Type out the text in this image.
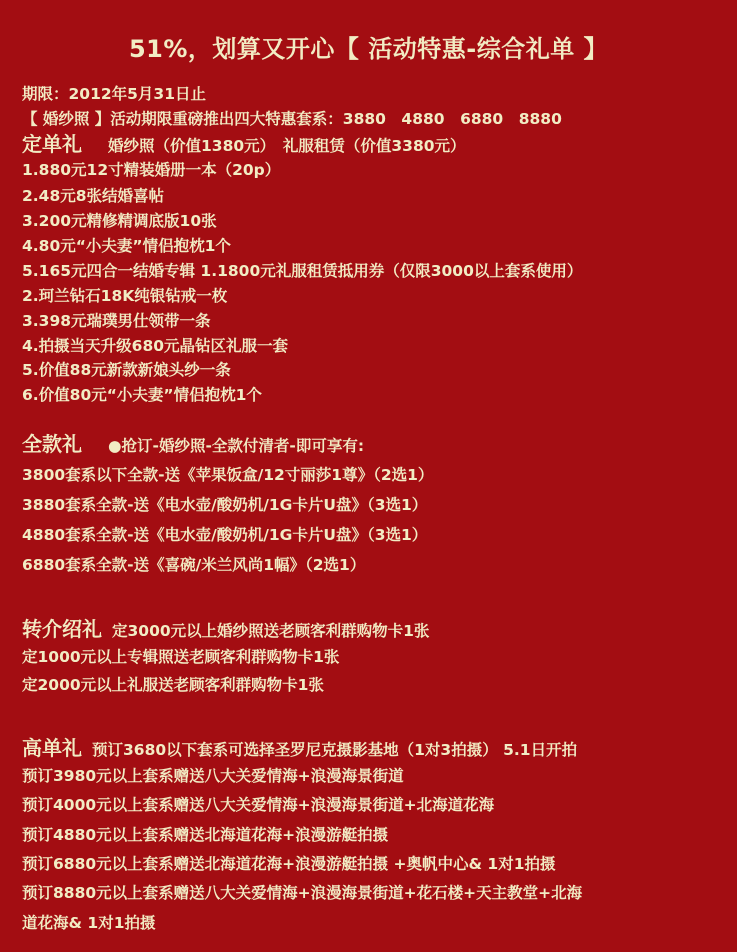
51%，划算又开心【 活动特惠-综合礼单 】
期限：2012年5月31日止
【 婚纱照 】活动期限重磅推出四大特惠套系：3880　4880　6880　8880
定单礼 婚纱照（价值1380元）　礼服租赁（价值3380元）
1.880元12寸精装婚册一本（20p）
2.48元8张结婚喜帖
3.200元精修精调底版10张
4.80元“小夫妻”情侣抱枕1个
5.165元四合一结婚专辑 1.1800元礼服租赁抵用券（仅限3000以上套系使用）
2.珂兰钻石18K纯银钻戒一枚
3.398元瑞璞男仕领带一条
4.拍摄当天升级680元晶钻区礼服一套
5.价值88元新款新娘头纱一条
6.价值80元“小夫妻”情侣抱枕1个
全款礼 ●抢订-婚纱照-全款付清者-即可享有:
3800套系以下全款-送《苹果饭盒/12寸丽莎1尊》（2选1）
3880套系全款-送《电水壶/酸奶机/1G卡片U盘》（3选1）
4880套系全款-送《电水壶/酸奶机/1G卡片U盘》（3选1）
6880套系全款-送《喜碗/米兰风尚1幅》（2选1）
转介绍礼 定3000元以上婚纱照送老顾客利群购物卡1张
定1000元以上专辑照送老顾客利群购物卡1张
定2000元以上礼服送老顾客利群购物卡1张
高单礼 预订3680以下套系可选择圣罗尼克摄影基地（1对3拍摄） 5.1日开拍
预订3980元以上套系赠送八大关爱情海+浪漫海景街道
预订4000元以上套系赠送八大关爱情海+浪漫海景街道+北海道花海
预订4880元以上套系赠送北海道花海+浪漫游艇拍摄
预订6880元以上套系赠送北海道花海+浪漫游艇拍摄 +奥帆中心& 1对1拍摄
预订8880元以上套系赠送八大关爱情海+浪漫海景街道+花石楼+天主教堂+北海
道花海& 1对1拍摄
